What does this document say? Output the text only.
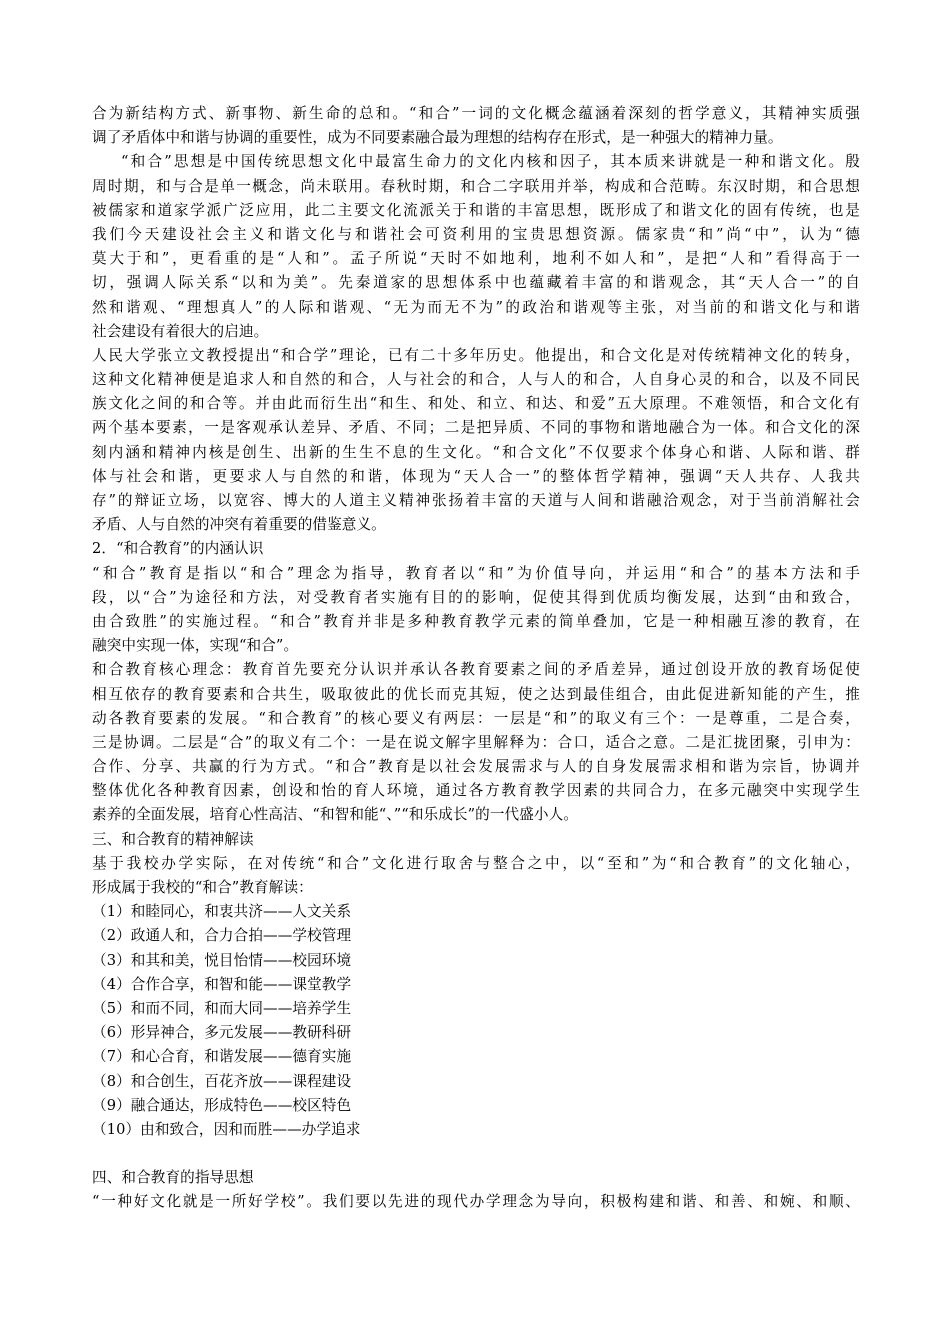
合为新结构方式、新事物、新生命的总和。“和合”一词的文化概念蕴涵着深刻的哲学意义，其精神实质强
调了矛盾体中和谐与协调的重要性，成为不同要素融合最为理想的结构存在形式，是一种强大的精神力量。
“和合”思想是中国传统思想文化中最富生命力的文化内核和因子，其本质来讲就是一种和谐文化。殷
周时期，和与合是单一概念，尚未联用。春秋时期，和合二字联用并举，构成和合范畴。东汉时期，和合思想
被儒家和道家学派广泛应用，此二主要文化流派关于和谐的丰富思想，既形成了和谐文化的固有传统，也是
我们今天建设社会主义和谐文化与和谐社会可资利用的宝贵思想资源。儒家贵“和”尚“中”，认为“德
莫大于和”，更看重的是“人和”。孟子所说“天时不如地利，地利不如人和”，是把“人和”看得高于一
切，强调人际关系“以和为美”。先秦道家的思想体系中也蕴藏着丰富的和谐观念，其“天人合一”的自
然和谐观、“理想真人”的人际和谐观、“无为而无不为”的政治和谐观等主张，对当前的和谐文化与和谐
社会建设有着很大的启迪。
人民大学张立文教授提出“和合学”理论，已有二十多年历史。他提出，和合文化是对传统精神文化的转身，
这种文化精神便是追求人和自然的和合，人与社会的和合，人与人的和合，人自身心灵的和合，以及不同民
族文化之间的和合等。并由此而衍生出“和生、和处、和立、和达、和爱”五大原理。不难领悟，和合文化有
两个基本要素，一是客观承认差异、矛盾、不同；二是把异质、不同的事物和谐地融合为一体。和合文化的深
刻内涵和精神内核是创生、出新的生生不息的生文化。“和合文化”不仅要求个体身心和谐、人际和谐、群
体与社会和谐，更要求人与自然的和谐，体现为“天人合一”的整体哲学精神，强调“天人共存、人我共
存”的辩证立场，以宽容、博大的人道主义精神张扬着丰富的天道与人间和谐融洽观念，对于当前消解社会
矛盾、人与自然的冲突有着重要的借鉴意义。
2．“和合教育”的内涵认识
“和合”教育是指以“和合”理念为指导，教育者以“和”为价值导向，并运用“和合”的基本方法和手
段，以“合”为途径和方法，对受教育者实施有目的的影响，促使其得到优质均衡发展，达到“由和致合，
由合致胜”的实施过程。“和合”教育并非是多种教育教学元素的简单叠加，它是一种相融互渗的教育，在
融突中实现一体，实现“和合”。
和合教育核心理念：教育首先要充分认识并承认各教育要素之间的矛盾差异，通过创设开放的教育场促使
相互依存的教育要素和合共生，吸取彼此的优长而克其短，使之达到最佳组合，由此促进新知能的产生，推
动各教育要素的发展。“和合教育”的核心要义有两层：一层是“和”的取义有三个：一是尊重，二是合奏，
三是协调。二层是“合”的取义有二个：一是在说文解字里解释为：合口，适合之意。二是汇拢团聚，引申为：
合作、分享、共赢的行为方式。“和合”教育是以社会发展需求与人的自身发展需求相和谐为宗旨，协调并
整体优化各种教育因素，创设和怡的育人环境，通过各方教育教学因素的共同合力，在多元融突中实现学生
素养的全面发展，培育心性高洁、“和智和能“、”“和乐成长”的一代盛小人。
三、和合教育的精神解读
基于我校办学实际，在对传统“和合”文化进行取舍与整合之中，以“至和”为“和合教育”的文化轴心，
形成属于我校的“和合”教育解读：
（1）和睦同心，和衷共济——人文关系
（2）政通人和，合力合拍——学校管理
（3）和其和美，悦目怡情——校园环境
（4）合作合享，和智和能——课堂教学
（5）和而不同，和而大同——培养学生
（6）形异神合，多元发展——教研科研
（7）和心合育，和谐发展——德育实施
（8）和合创生，百花齐放——课程建设
（9）融合通达，形成特色——校区特色
（10）由和致合，因和而胜——办学追求
四、和合教育的指导思想
“一种好文化就是一所好学校”。我们要以先进的现代办学理念为导向，积极构建和谐、和善、和婉、和顺、
